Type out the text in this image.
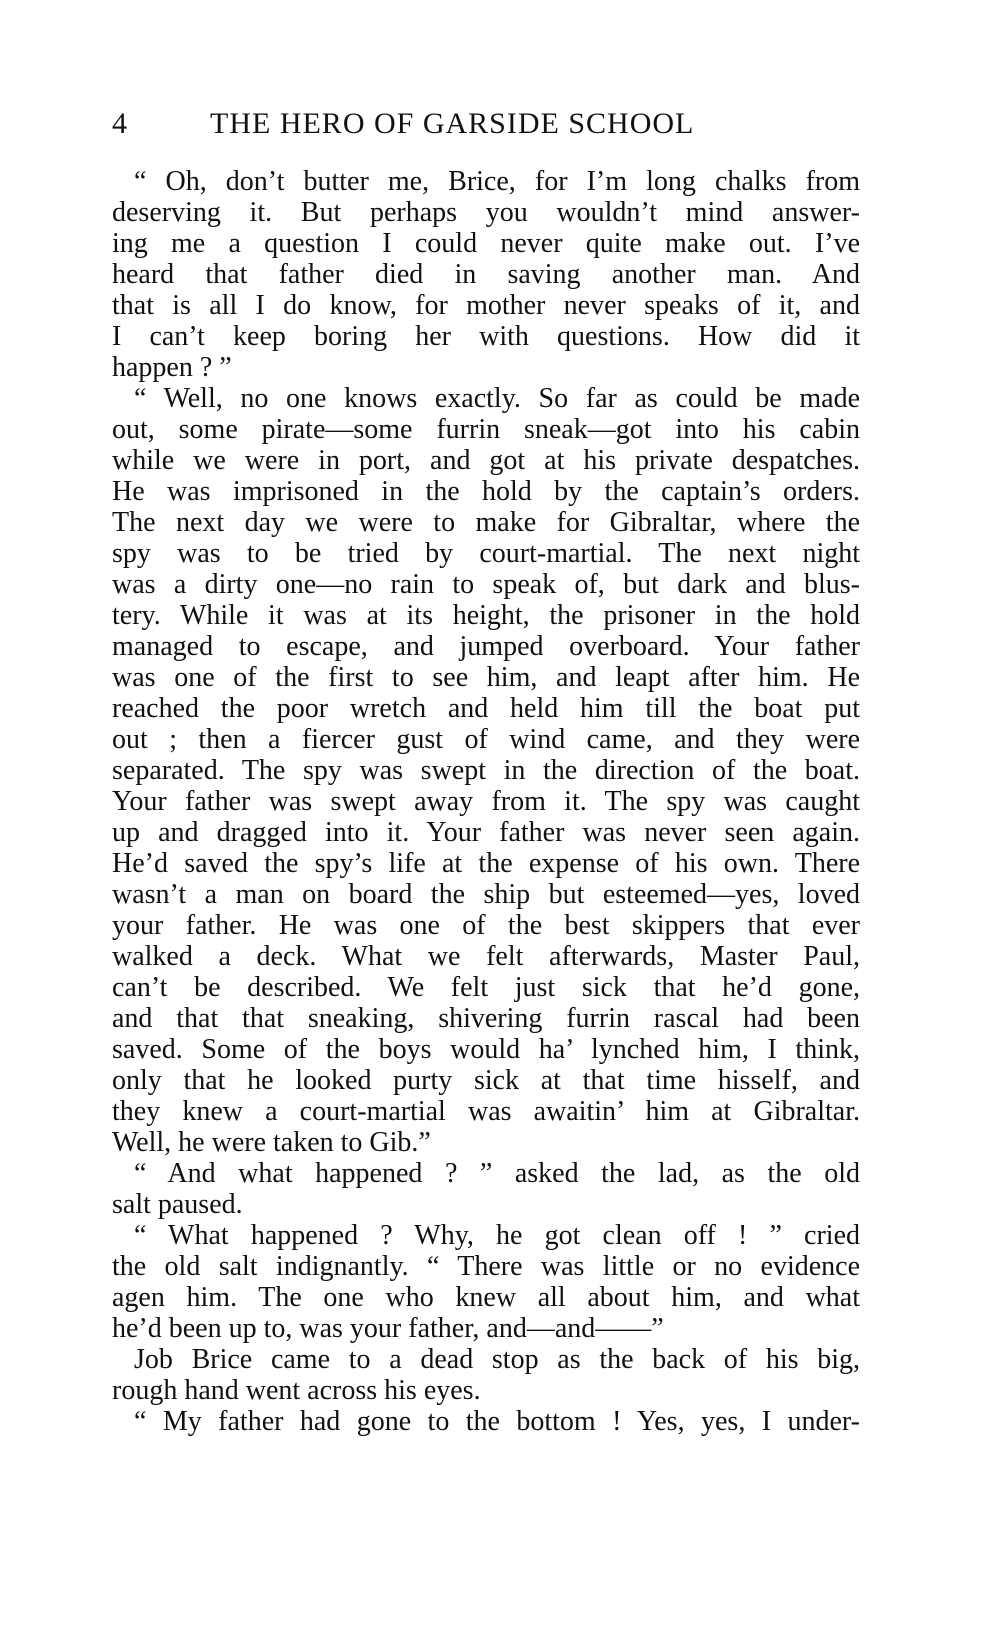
4	THE HERO OF GARSIDE SCHOOL
“ Oh, don’t butter me, Brice, for I’m long chalks from
deserving it. But perhaps you wouldn’t mind answer-
ing me a question I could never quite make out. I’ve
heard that father died in saving another man. And
that is all I do know, for mother never speaks of it, and
I can’t keep boring her with questions. How did it
happen ? ”
“ Well, no one knows exactly. So far as could be made
out, some pirate—some furrin sneak—got into his cabin
while we were in port, and got at his private despatches.
He was imprisoned in the hold by the captain’s orders.
The next day we were to make for Gibraltar, where the
spy was to be tried by court-martial. The next night
was a dirty one—no rain to speak of, but dark and blus-
tery. While it was at its height, the prisoner in the hold
managed to escape, and jumped overboard. Your father
was one of the first to see him, and leapt after him. He
reached the poor wretch and held him till the boat put
out ; then a fiercer gust of wind came, and they were
separated. The spy was swept in the direction of the boat.
Your father was swept away from it. The spy was caught
up and dragged into it. Your father was never seen again.
He’d saved the spy’s life at the expense of his own. There
wasn’t a man on board the ship but esteemed—yes, loved
your father. He was one of the best skippers that ever
walked a deck. What we felt afterwards, Master Paul,
can’t be described. We felt just sick that he’d gone,
and that that sneaking, shivering furrin rascal had been
saved. Some of the boys would ha’ lynched him, I think,
only that he looked purty sick at that time hisself, and
they knew a court-martial was awaitin’ him at Gibraltar.
Well, he were taken to Gib.”
“ And what happened ? ” asked the lad, as the old
salt paused.
“ What happened ? Why, he got clean off ! ” cried
the old salt indignantly. “ There was little or no evidence
agen him. The one who knew all about him, and what
he’d been up to, was your father, and—and——”
Job Brice came to a dead stop as the back of his big,
rough hand went across his eyes.
“ My father had gone to the bottom ! Yes, yes, I under-
